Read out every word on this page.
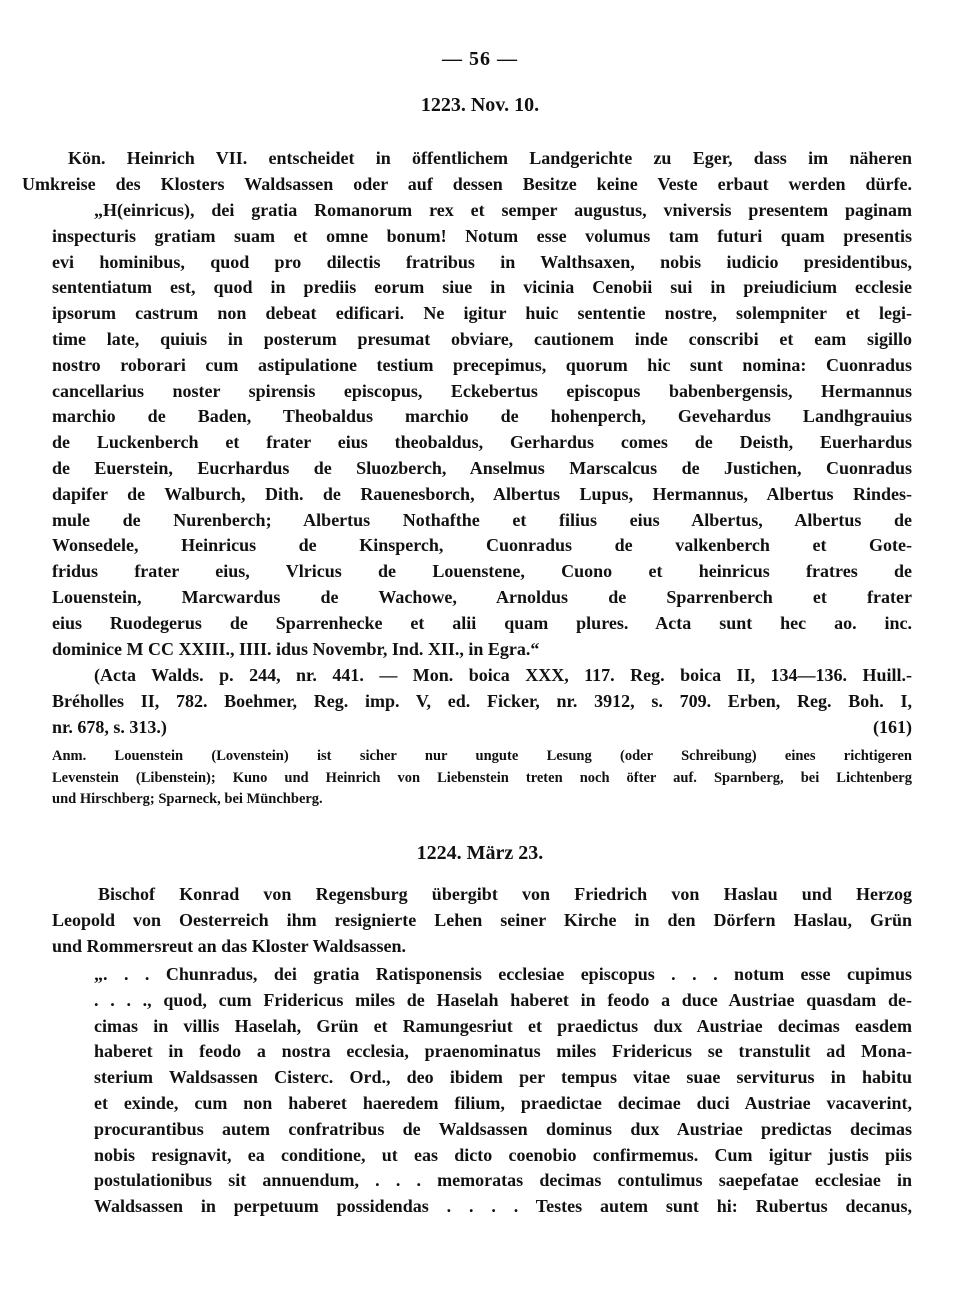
— 56 —
1223. Nov. 10.
Kön. Heinrich VII. entscheidet in öffentlichem Landgerichte zu Eger, dass im näheren
Umkreise des Klosters Waldsassen oder auf dessen Besitze keine Veste erbaut werden dürfe.
„H(einricus), dei gratia Romanorum rex et semper augustus, vniversis presentem paginam
inspecturis gratiam suam et omne bonum! Notum esse volumus tam futuri quam presentis
evi hominibus, quod pro dilectis fratribus in Walthsaxen, nobis iudicio presidentibus,
sententiatum est, quod in prediis eorum siue in vicinia Cenobii sui in preiudicium ecclesie
ipsorum castrum non debeat edificari. Ne igitur huic sententie nostre, solempniter et legi-
time late, quiuis in posterum presumat obviare, cautionem inde conscribi et eam sigillo
nostro roborari cum astipulatione testium precepimus, quorum hic sunt nomina: Cuonradus
cancellarius noster spirensis episcopus, Eckebertus episcopus babenbergensis, Hermannus
marchio de Baden, Theobaldus marchio de hohenperch, Gevehardus Landhgrauius
de Luckenberch et frater eius theobaldus, Gerhardus comes de Deisth, Euerhardus
de Euerstein, Eucrhardus de Sluozberch, Anselmus Marscalcus de Justichen, Cuonradus
dapifer de Walburch, Dith. de Rauenesborch, Albertus Lupus, Hermannus, Albertus Rindes-
mule de Nurenberch; Albertus Nothafthe et filius eius Albertus, Albertus de
Wonsedele, Heinricus de Kinsperch, Cuonradus de valkenberch et Gote-
fridus frater eius, Vlricus de Louenstene, Cuono et heinricus fratres de
Louenstein, Marcwardus de Wachowe, Arnoldus de Sparrenberch et frater
eius Ruodegerus de Sparrenhecke et alii quam plures. Acta sunt hec ao. inc.
dominice M CC XXIII., IIII. idus Novembr, Ind. XII., in Egra.“
(Acta Walds. p. 244, nr. 441. — Mon. boica XXX, 117. Reg. boica II, 134—136. Huill.-
Bréholles II, 782. Boehmer, Reg. imp. V, ed. Ficker, nr. 3912, s. 709. Erben, Reg. Boh. I,
nr. 678, s. 313.)	(161)
Anm. Louenstein (Lovenstein) ist sicher nur ungute Lesung (oder Schreibung) eines richtigeren
Levenstein (Libenstein); Kuno und Heinrich von Liebenstein treten noch öfter auf. Sparnberg, bei Lichtenberg
und Hirschberg; Sparneck, bei Münchberg.
1224. März 23.
Bischof Konrad von Regensburg übergibt von Friedrich von Haslau und Herzog
Leopold von Oesterreich ihm resignierte Lehen seiner Kirche in den Dörfern Haslau, Grün
und Rommersreut an das Kloster Waldsassen.
„. . . Chunradus, dei gratia Ratisponensis ecclesiae episcopus . . . notum esse cupimus
. . . ., quod, cum Fridericus miles de Haselah haberet in feodo a duce Austriae quasdam de-
cimas in villis Haselah, Grün et Ramungesriut et praedictus dux Austriae decimas easdem
haberet in feodo a nostra ecclesia, praenominatus miles Fridericus se transtulit ad Mona-
sterium Waldsassen Cisterc. Ord., deo ibidem per tempus vitae suae serviturus in habitu
et exinde, cum non haberet haeredem filium, praedictae decimae duci Austriae vacaverint,
procurantibus autem confratribus de Waldsassen dominus dux Austriae predictas decimas
nobis resignavit, ea conditione, ut eas dicto coenobio confirmemus. Cum igitur justis piis
postulationibus sit annuendum, . . . memoratas decimas contulimus saepefatae ecclesiae in
Waldsassen in perpetuum possidendas . . . . Testes autem sunt hi: Rubertus decanus,
